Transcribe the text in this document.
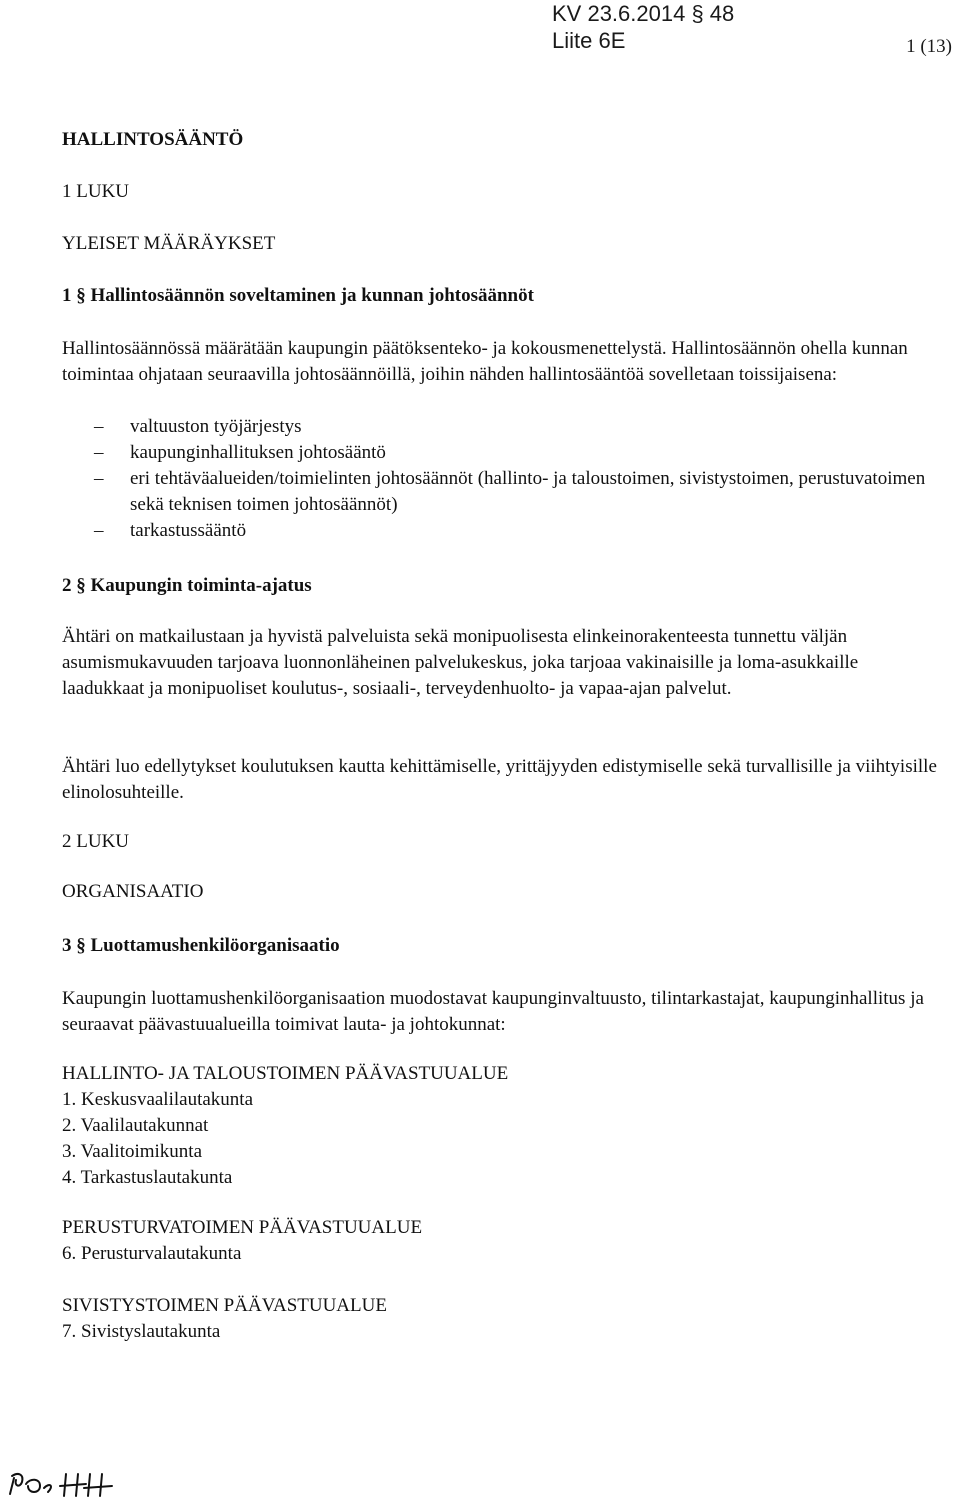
KV 23.6.2014 § 48
Liite 6E	1 (13)
HALLINTOSÄÄNTÖ
1 LUKU
YLEISET MÄÄRÄYKSET
1 § Hallintosäännön soveltaminen ja kunnan johtosäännöt
Hallintosäännössä määrätään kaupungin päätöksenteko- ja kokousmenettelystä. Hallintosäännön ohella kunnan toimintaa ohjataan seuraavilla johtosäännöillä, joihin nähden hallintosääntöä sovelletaan toissijaisena:
– valtuuston työjärjestys
– kaupunginhallituksen johtosääntö
– eri tehtäväalueiden/toimielinten johtosäännöt (hallinto- ja taloustoimen, sivistystoimen, perustuvatoimen sekä teknisen toimen johtosäännöt)
– tarkastussääntö
2 § Kaupungin toiminta-ajatus
Ähtäri on matkailustaan ja hyvistä palveluista sekä monipuolisesta elinkeinorakenteesta tunnettu väljän asumismukavuuden tarjoava luonnonläheinen palvelukeskus, joka tarjoaa vakinaisille ja loma-asukkaille laadukkaat ja monipuoliset koulutus-, sosiaali-, terveydenhuolto- ja vapaa-ajan palvelut.
Ähtäri luo edellytykset koulutuksen kautta kehittämiselle, yrittäjyyden edistymiselle sekä turvallisille ja viihtyisille elinolosuhteille.
2 LUKU
ORGANISAATIO
3 § Luottamushenkilöorganisaatio
Kaupungin luottamushenkilöorganisaation muodostavat kaupunginvaltuusto, tilintarkastajat, kaupunginhallitus ja seuraavat päävastuualueilla toimivat lauta- ja johtokunnat:
HALLINTO- JA TALOUSTOIMEN PÄÄVASTUUALUE
1. Keskusvaalilautakunta
2. Vaalilautakunnat
3. Vaalitoimikunta
4. Tarkastuslautakunta
PERUSTURVATOIMEN PÄÄVASTUUALUE
6. Perusturvalautakunta
SIVISTYSTOIMEN PÄÄVASTUUALUE
7. Sivistyslautakunta
